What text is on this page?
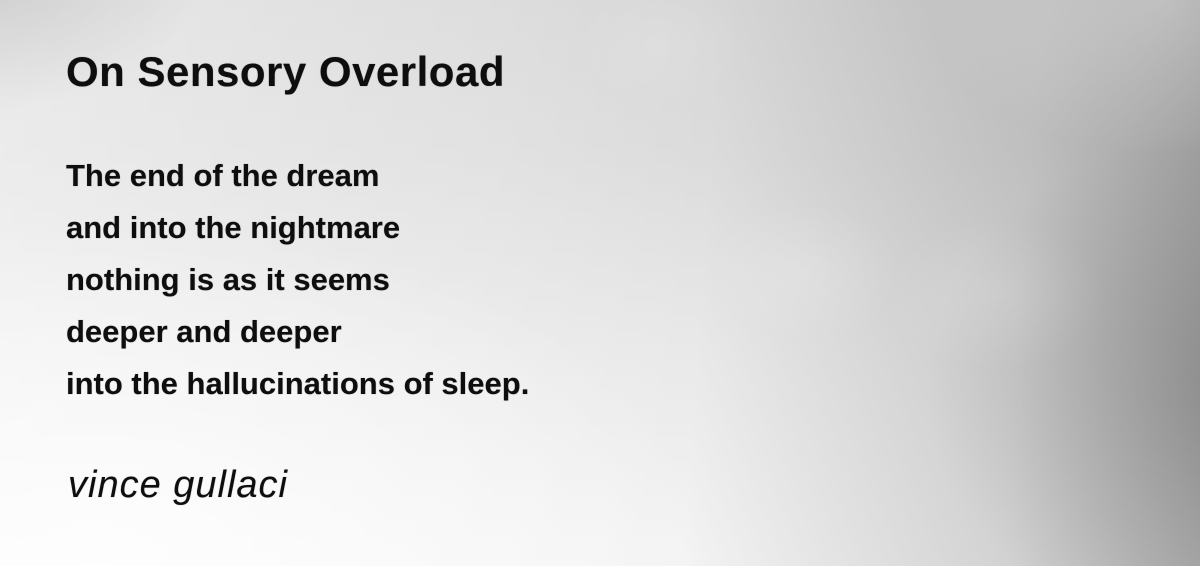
On Sensory Overload
The end of the dream
and into the nightmare
nothing is as it seems
deeper and deeper
into the hallucinations of sleep.
vince gullaci
